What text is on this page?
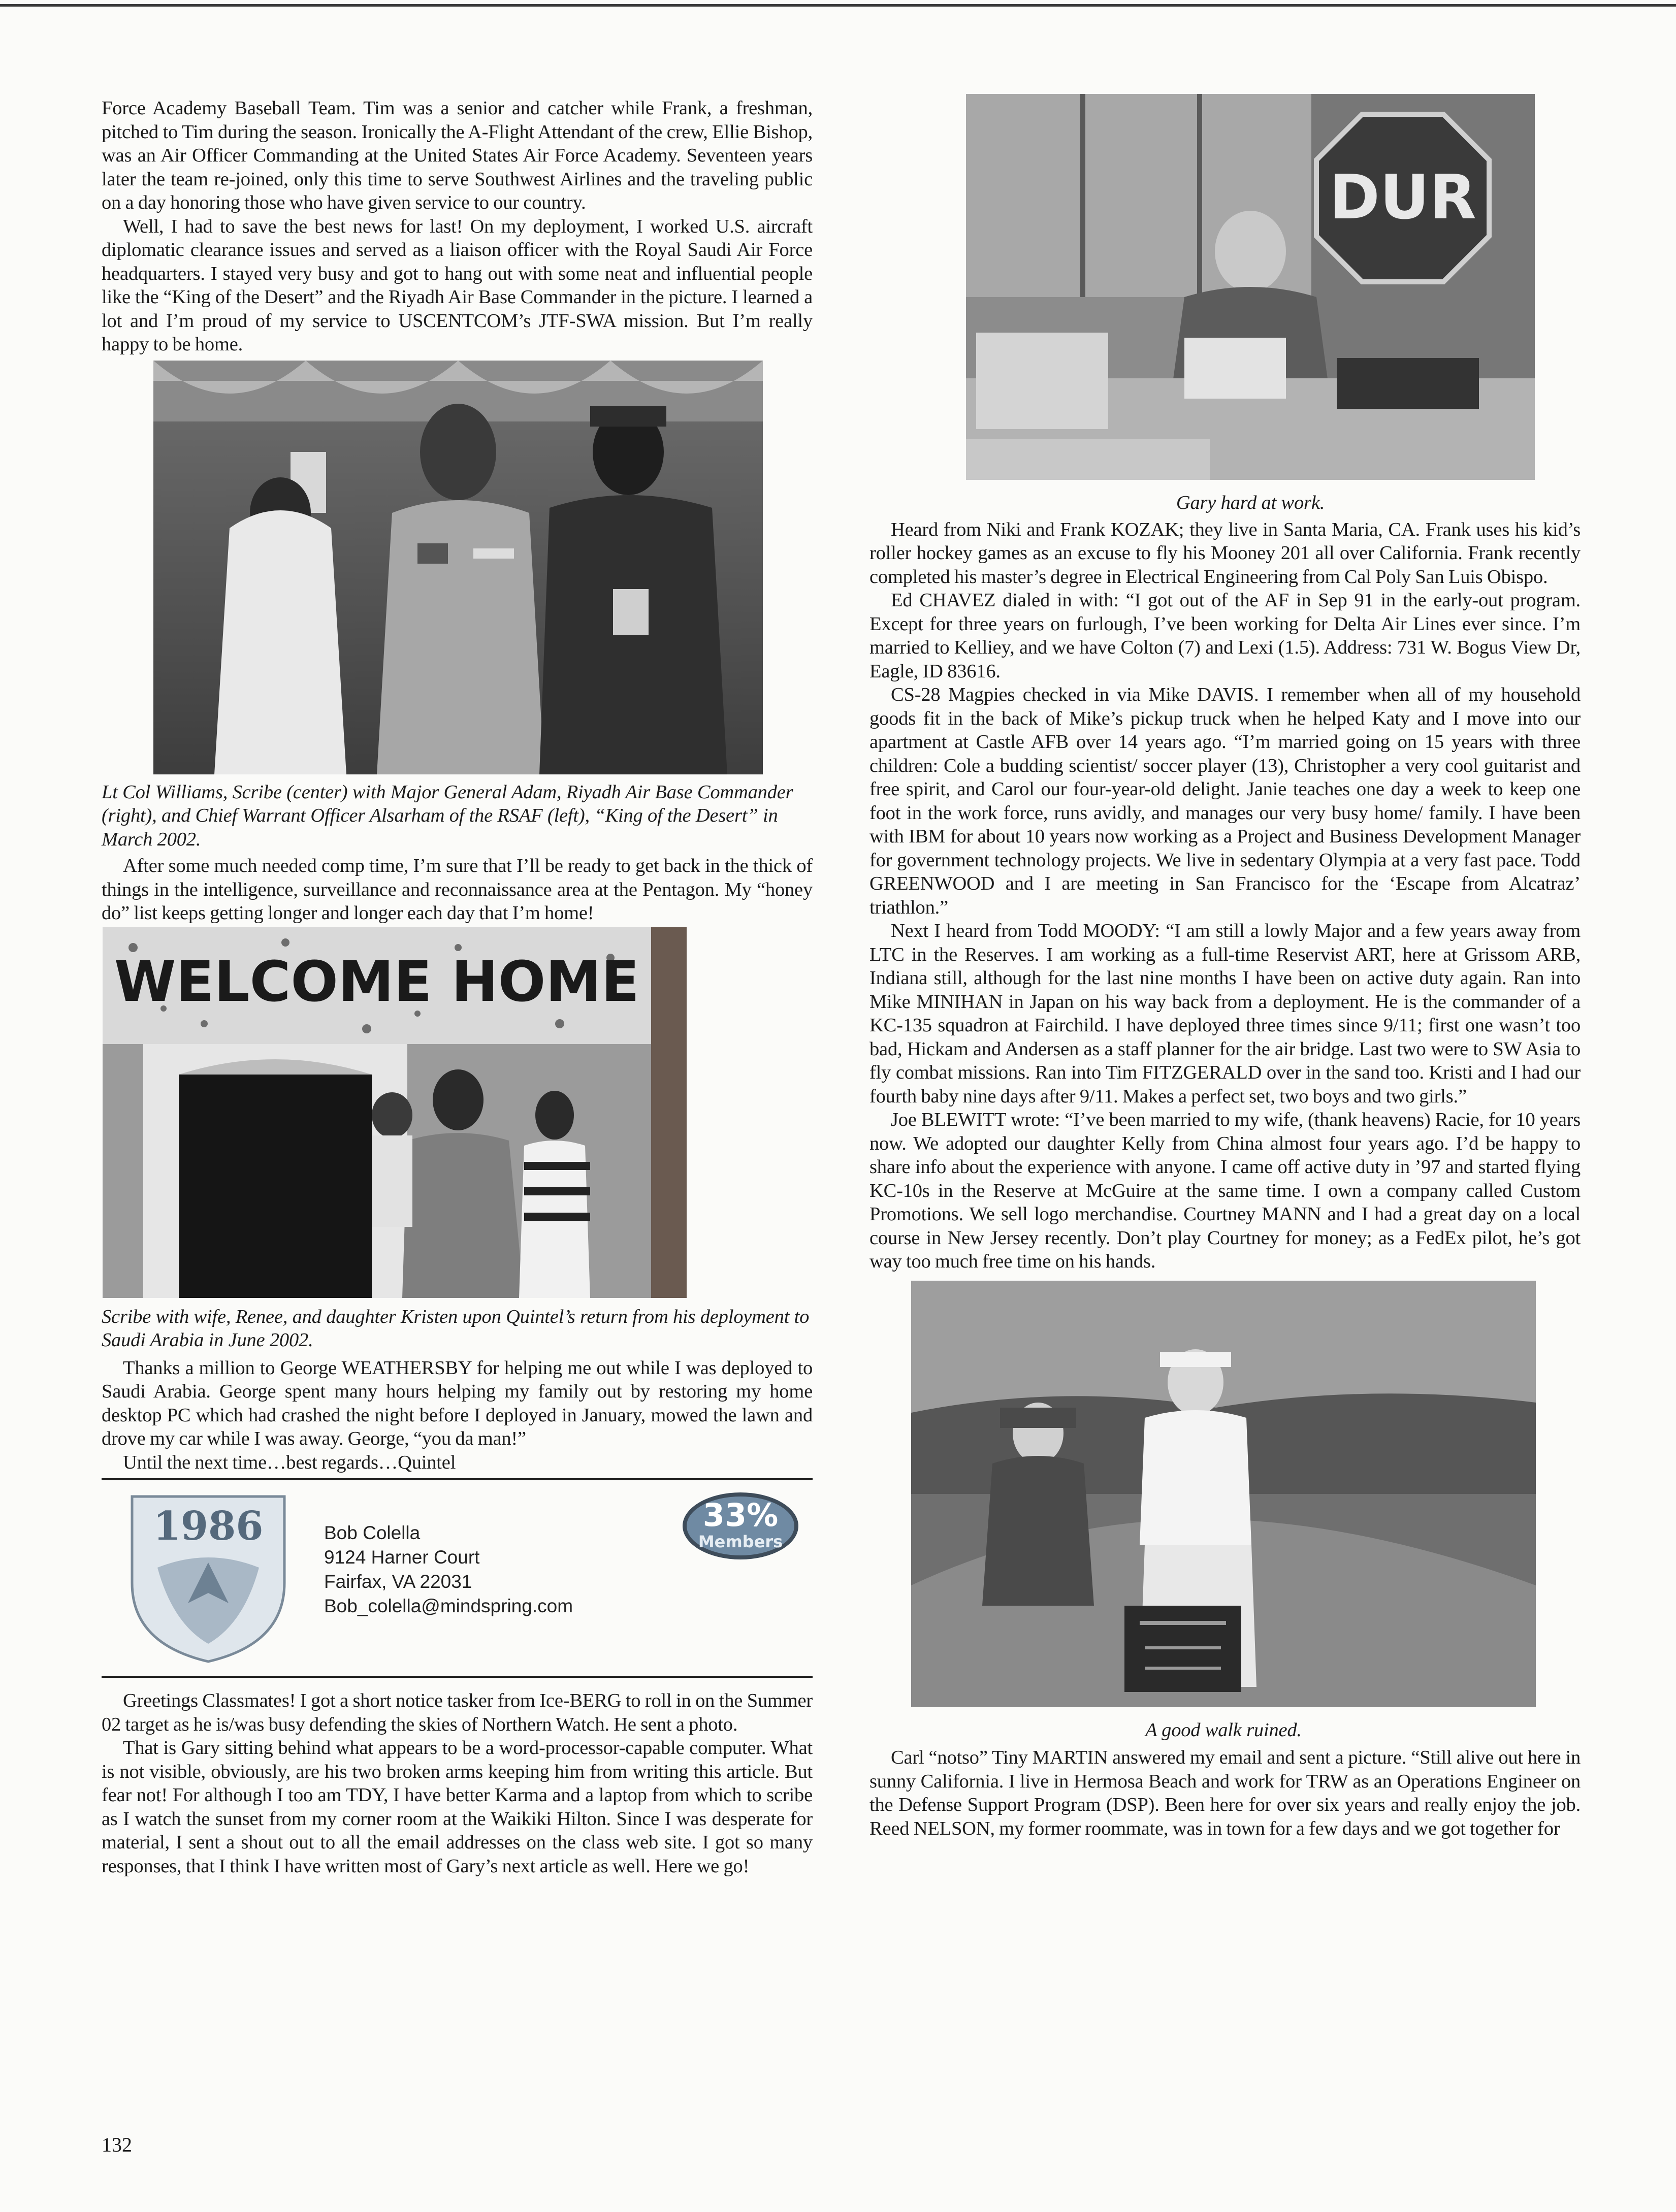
Force Academy Baseball Team. Tim was a senior and catcher while Frank, a freshman, pitched to Tim during the season. Ironically the A-Flight Attendant of the crew, Ellie Bishop, was an Air Officer Commanding at the United States Air Force Academy. Seventeen years later the team re-joined, only this time to serve Southwest Airlines and the traveling public on a day honoring those who have given service to our country.

Well, I had to save the best news for last! On my deployment, I worked U.S. aircraft diplomatic clearance issues and served as a liaison officer with the Royal Saudi Air Force headquarters. I stayed very busy and got to hang out with some neat and influential people like the “King of the Desert” and the Riyadh Air Base Commander in the picture. I learned a lot and I’m proud of my service to USCENTCOM’s JTF-SWA mission. But I’m really happy to be home.

Lt Col Williams, Scribe (center) with Major General Adam, Riyadh Air Base Commander (right), and Chief Warrant Officer Alsarham of the RSAF (left), “King of the Desert” in March 2002.

After some much needed comp time, I’m sure that I’ll be ready to get back in the thick of things in the intelligence, surveillance and reconnaissance area at the Pentagon. My “honey do” list keeps getting longer and longer each day that I’m home!

WELCOME HOME

Scribe with wife, Renee, and daughter Kristen upon Quintel’s return from his deployment to Saudi Arabia in June 2002.

Thanks a million to George WEATHERSBY for helping me out while I was deployed to Saudi Arabia. George spent many hours helping my family out by restoring my home desktop PC which had crashed the night before I deployed in January, mowed the lawn and drove my car while I was away. George, “you da man!”

Until the next time…best regards…Quintel

1986	Bob Colella
9124 Harner Court
Fairfax, VA 22031
Bob_colella@mindspring.com
33%
Members

Greetings Classmates! I got a short notice tasker from Ice-BERG to roll in on the Summer 02 target as he is/was busy defending the skies of Northern Watch. He sent a photo.

That is Gary sitting behind what appears to be a word-processor-capable computer. What is not visible, obviously, are his two broken arms keeping him from writing this article. But fear not! For although I too am TDY, I have better Karma and a laptop from which to scribe as I watch the sunset from my corner room at the Waikiki Hilton. Since I was desperate for material, I sent a shout out to all the email addresses on the class web site. I got so many responses, that I think I have written most of Gary’s next article as well. Here we go!

DUR

Gary hard at work.

Heard from Niki and Frank KOZAK; they live in Santa Maria, CA. Frank uses his kid’s roller hockey games as an excuse to fly his Mooney 201 all over California. Frank recently completed his master’s degree in Electrical Engineering from Cal Poly San Luis Obispo.

Ed CHAVEZ dialed in with: “I got out of the AF in Sep 91 in the early-out program. Except for three years on furlough, I’ve been working for Delta Air Lines ever since. I’m married to Kelliey, and we have Colton (7) and Lexi (1.5). Address: 731 W. Bogus View Dr, Eagle, ID 83616.

CS-28 Magpies checked in via Mike DAVIS. I remember when all of my household goods fit in the back of Mike’s pickup truck when he helped Katy and I move into our apartment at Castle AFB over 14 years ago. “I’m married going on 15 years with three children: Cole a budding scientist/ soccer player (13), Christopher a very cool guitarist and free spirit, and Carol our four-year-old delight. Janie teaches one day a week to keep one foot in the work force, runs avidly, and manages our very busy home/ family. I have been with IBM for about 10 years now working as a Project and Business Development Manager for government technology projects. We live in sedentary Olympia at a very fast pace. Todd GREENWOOD and I are meeting in San Francisco for the ‘Escape from Alcatraz’ triathlon.”

Next I heard from Todd MOODY: “I am still a lowly Major and a few years away from LTC in the Reserves. I am working as a full-time Reservist ART, here at Grissom ARB, Indiana still, although for the last nine months I have been on active duty again. Ran into Mike MINIHAN in Japan on his way back from a deployment. He is the commander of a KC-135 squadron at Fairchild. I have deployed three times since 9/11; first one wasn’t too bad, Hickam and Andersen as a staff planner for the air bridge. Last two were to SW Asia to fly combat missions. Ran into Tim FITZGERALD over in the sand too. Kristi and I had our fourth baby nine days after 9/11. Makes a perfect set, two boys and two girls.”

Joe BLEWITT wrote: “I’ve been married to my wife, (thank heavens) Racie, for 10 years now. We adopted our daughter Kelly from China almost four years ago. I’d be happy to share info about the experience with anyone. I came off active duty in ’97 and started flying KC-10s in the Reserve at McGuire at the same time. I own a company called Custom Promotions. We sell logo merchandise. Courtney MANN and I had a great day on a local course in New Jersey recently. Don’t play Courtney for money; as a FedEx pilot, he’s got way too much free time on his hands.

A good walk ruined.

Carl “notso” Tiny MARTIN answered my email and sent a picture. “Still alive out here in sunny California. I live in Hermosa Beach and work for TRW as an Operations Engineer on the Defense Support Program (DSP). Been here for over six years and really enjoy the job. Reed NELSON, my former roommate, was in town for a few days and we got together for

132
